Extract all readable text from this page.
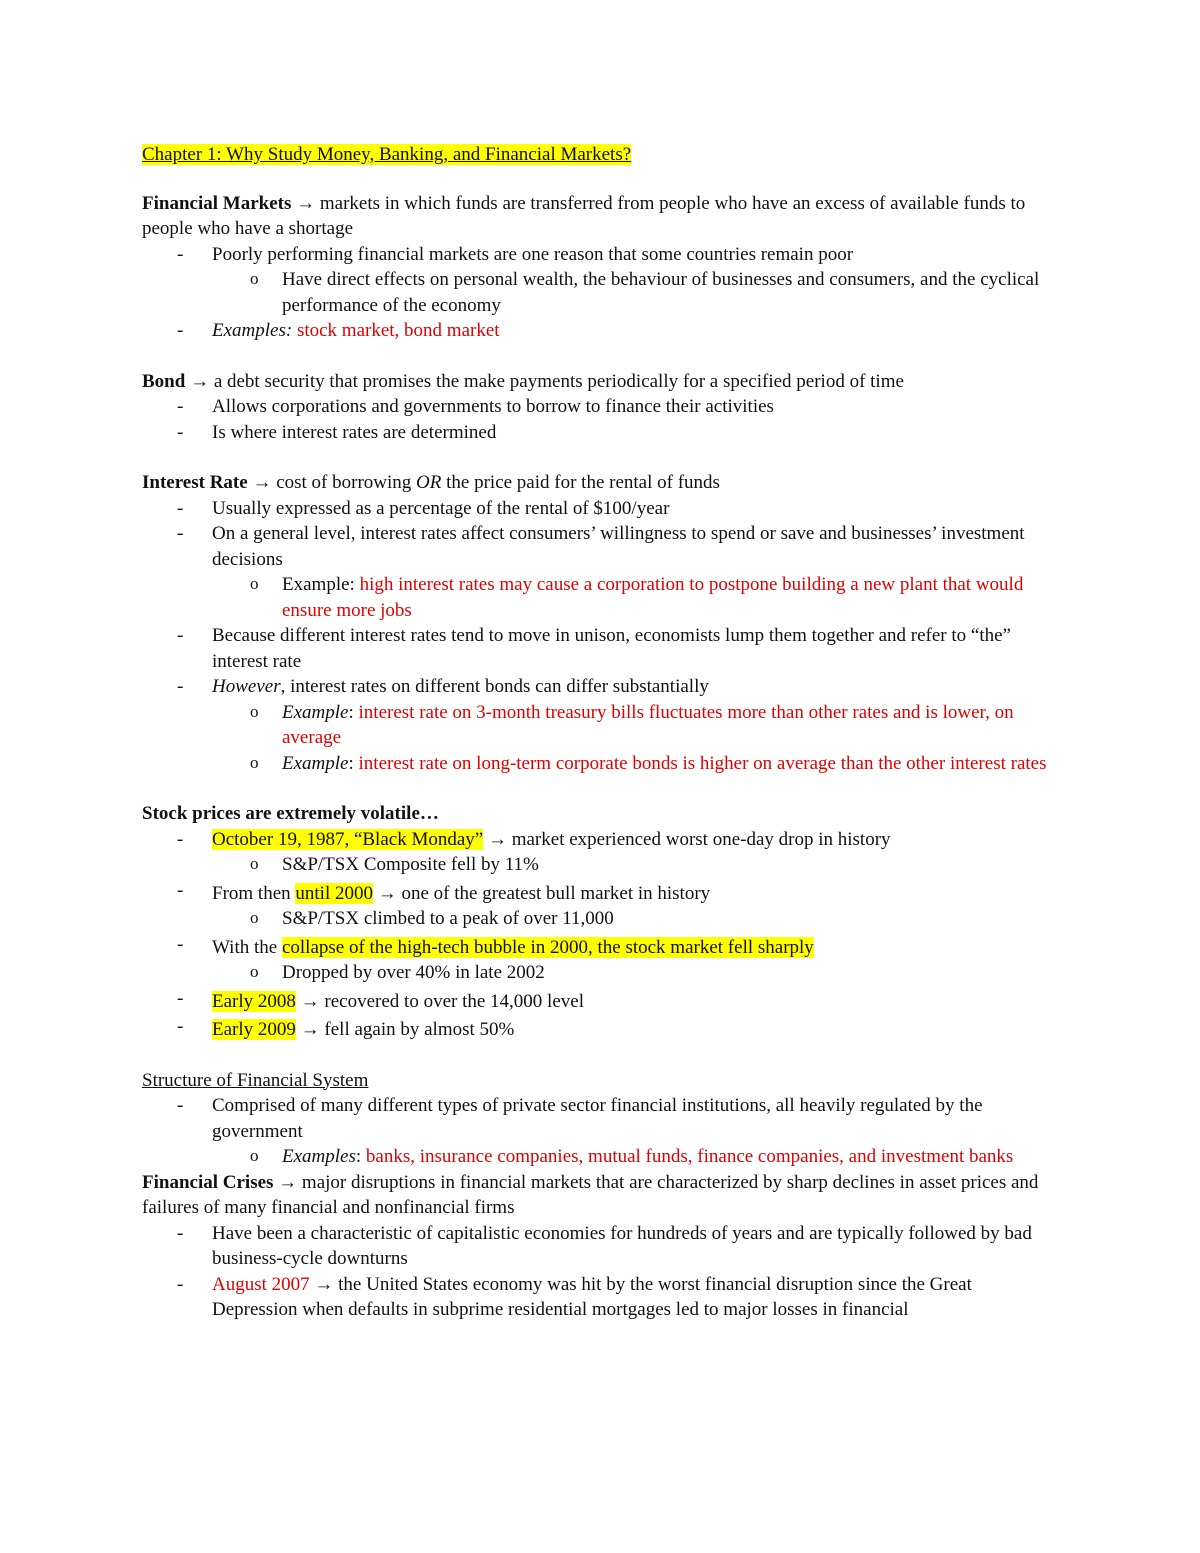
Chapter 1: Why Study Money, Banking, and Financial Markets?

Financial Markets → markets in which funds are transferred from people who have an excess of available funds to people who have a shortage

- Poorly performing financial markets are one reason that some countries remain poor
o Have direct effects on personal wealth, the behaviour of businesses and consumers, and the cyclical performance of the economy
- Examples: stock market, bond market

Bond → a debt security that promises the make payments periodically for a specified period of time

- Allows corporations and governments to borrow to finance their activities
- Is where interest rates are determined

Interest Rate → cost of borrowing OR the price paid for the rental of funds

- Usually expressed as a percentage of the rental of $100/year
- On a general level, interest rates affect consumers’ willingness to spend or save and businesses’ investment decisions
o Example: high interest rates may cause a corporation to postpone building a new plant that would ensure more jobs
- Because different interest rates tend to move in unison, economists lump them together and refer to “the” interest rate
- However, interest rates on different bonds can differ substantially
o Example: interest rate on 3-month treasury bills fluctuates more than other rates and is lower, on average
o Example: interest rate on long-term corporate bonds is higher on average than the other interest rates

Stock prices are extremely volatile…

- October 19, 1987, “Black Monday” → market experienced worst one-day drop in history
o S&P/TSX Composite fell by 11%
- From then until 2000 → one of the greatest bull market in history
o S&P/TSX climbed to a peak of over 11,000
- With the collapse of the high-tech bubble in 2000, the stock market fell sharply
o Dropped by over 40% in late 2002
- Early 2008 → recovered to over the 14,000 level
- Early 2009 → fell again by almost 50%

Structure of Financial System

- Comprised of many different types of private sector financial institutions, all heavily regulated by the government
o Examples: banks, insurance companies, mutual funds, finance companies, and investment banks

Financial Crises → major disruptions in financial markets that are characterized by sharp declines in asset prices and failures of many financial and nonfinancial firms

- Have been a characteristic of capitalistic economies for hundreds of years and are typically followed by bad business-cycle downturns
- August 2007 → the United States economy was hit by the worst financial disruption since the Great Depression when defaults in subprime residential mortgages led to major losses in financial
